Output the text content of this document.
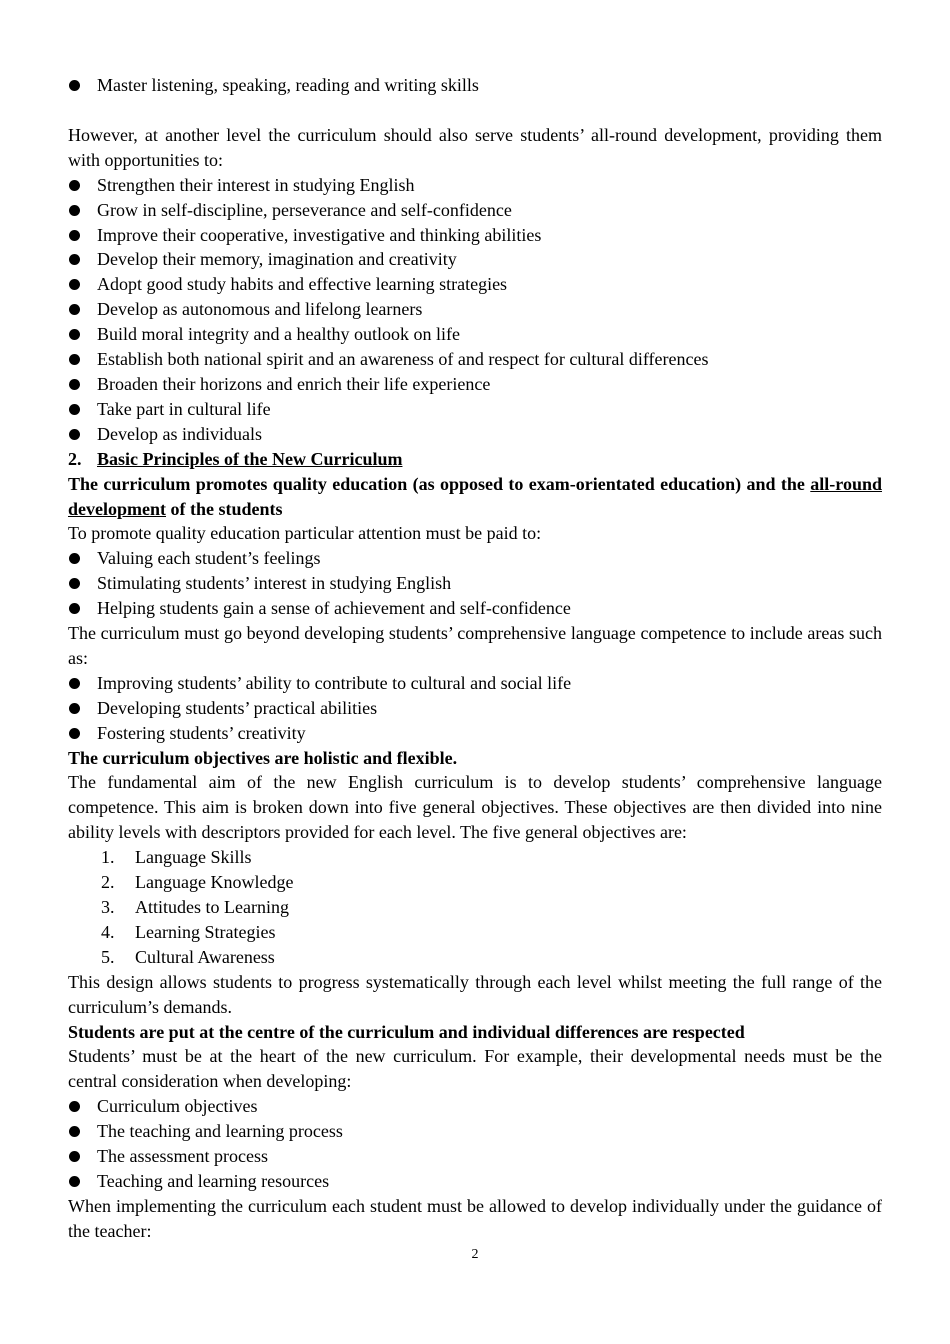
Master listening, speaking, reading and writing skills
However, at another level the curriculum should also serve students’ all-round development, providing them with opportunities to:
Strengthen their interest in studying English
Grow in self-discipline, perseverance and self-confidence
Improve their cooperative, investigative and thinking abilities
Develop their memory, imagination and creativity
Adopt good study habits and effective learning strategies
Develop as autonomous and lifelong learners
Build moral integrity and a healthy outlook on life
Establish both national spirit and an awareness of and respect for cultural differences
Broaden their horizons and enrich their life experience
Take part in cultural life
Develop as individuals
2. Basic Principles of the New Curriculum
The curriculum promotes quality education (as opposed to exam-orientated education) and the all-round development of the students
To promote quality education particular attention must be paid to:
Valuing each student’s feelings
Stimulating students’ interest in studying English
Helping students gain a sense of achievement and self-confidence
The curriculum must go beyond developing students’ comprehensive language competence to include areas such as:
Improving students’ ability to contribute to cultural and social life
Developing students’ practical abilities
Fostering students’ creativity
The curriculum objectives are holistic and flexible.
The fundamental aim of the new English curriculum is to develop students’ comprehensive language competence. This aim is broken down into five general objectives. These objectives are then divided into nine ability levels with descriptors provided for each level. The five general objectives are:
1. Language Skills
2. Language Knowledge
3. Attitudes to Learning
4. Learning Strategies
5. Cultural Awareness
This design allows students to progress systematically through each level whilst meeting the full range of the curriculum’s demands.
Students are put at the centre of the curriculum and individual differences are respected
Students’ must be at the heart of the new curriculum. For example, their developmental needs must be the central consideration when developing:
Curriculum objectives
The teaching and learning process
The assessment process
Teaching and learning resources
When implementing the curriculum each student must be allowed to develop individually under the guidance of the teacher:
2
